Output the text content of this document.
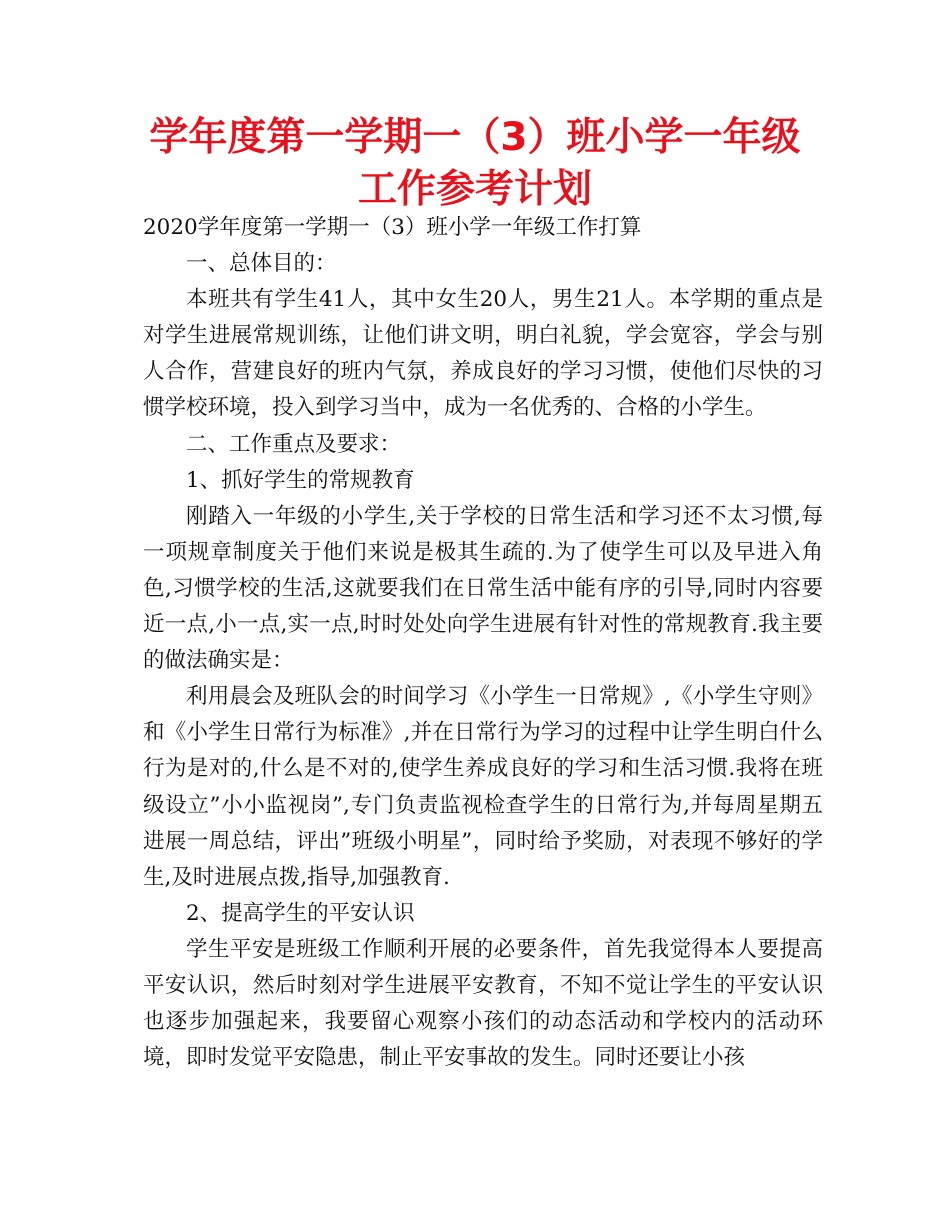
学年度第一学期一（3）班小学一年级工作参考计划

2020学年度第一学期一（3）班小学一年级工作打算

一、总体目的：

本班共有学生41人，其中女生20人，男生21人。本学期的重点是对学生进展常规训练，让他们讲文明，明白礼貌，学会宽容，学会与别人合作，营建良好的班内气氛，养成良好的学习习惯，使他们尽快的习惯学校环境，投入到学习当中，成为一名优秀的、合格的小学生。

二、工作重点及要求：

1、抓好学生的常规教育

刚踏入一年级的小学生,关于学校的日常生活和学习还不太习惯,每一项规章制度关于他们来说是极其生疏的.为了使学生可以及早进入角色,习惯学校的生活,这就要我们在日常生活中能有序的引导,同时内容要近一点,小一点,实一点,时时处处向学生进展有针对性的常规教育.我主要的做法确实是：

利用晨会及班队会的时间学习《小学生一日常规》,《小学生守则》和《小学生日常行为标准》,并在日常行为学习的过程中让学生明白什么行为是对的,什么是不对的,使学生养成良好的学习和生活习惯.我将在班级设立”小小监视岗”,专门负责监视检查学生的日常行为,并每周星期五进展一周总结，评出”班级小明星”，同时给予奖励，对表现不够好的学生,及时进展点拨,指导,加强教育.

2、提高学生的平安认识

学生平安是班级工作顺利开展的必要条件，首先我觉得本人要提高平安认识，然后时刻对学生进展平安教育，不知不觉让学生的平安认识也逐步加强起来，我要留心观察小孩们的动态活动和学校内的活动环境，即时发觉平安隐患，制止平安事故的发生。同时还要让小孩
